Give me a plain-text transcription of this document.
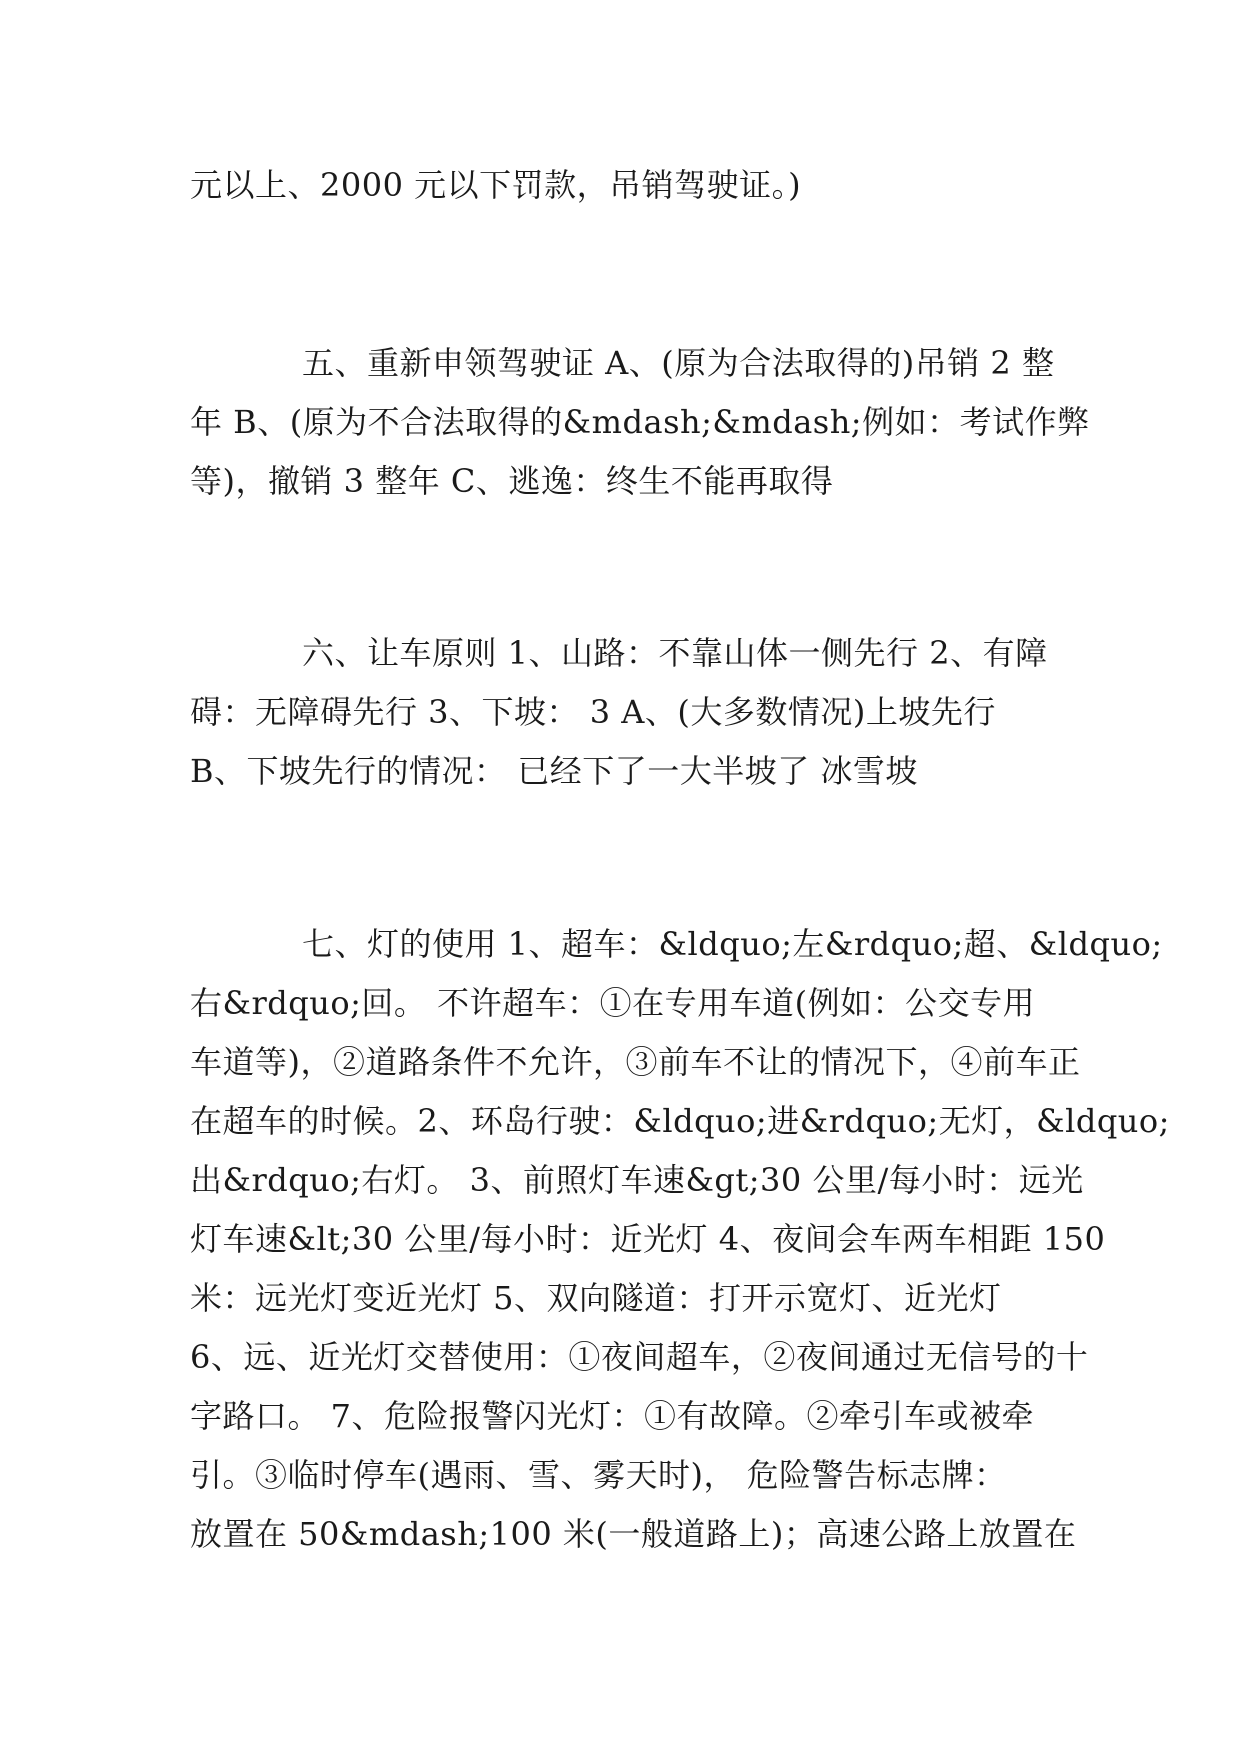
元以上、2000 元以下罚款，吊销驾驶证。)
五、重新申领驾驶证 A、(原为合法取得的)吊销 2 整
年 B、(原为不合法取得的&mdash;&mdash;例如：考试作弊
等)，撤销 3 整年 C、逃逸：终生不能再取得
六、让车原则 1、山路：不靠山体一侧先行 2、有障
碍：无障碍先行 3、下坡： 3 A、(大多数情况)上坡先行
B、下坡先行的情况： 已经下了一大半坡了 冰雪坡
七、灯的使用 1、超车：&ldquo;左&rdquo;超、&ldquo;
右&rdquo;回。 不许超车：①在专用车道(例如：公交专用
车道等)，②道路条件不允许，③前车不让的情况下，④前车正
在超车的时候。2、环岛行驶：&ldquo;进&rdquo;无灯，&ldquo;
出&rdquo;右灯。 3、前照灯车速&gt;30 公里/每小时：远光
灯车速&lt;30 公里/每小时：近光灯 4、夜间会车两车相距 150
米：远光灯变近光灯 5、双向隧道：打开示宽灯、近光灯
6、远、近光灯交替使用：①夜间超车，②夜间通过无信号的十
字路口。 7、危险报警闪光灯：①有故障。②牵引车或被牵
引。③临时停车(遇雨、雪、雾天时)， 危险警告标志牌：
放置在 50&mdash;100 米(一般道路上)；高速公路上放置在
